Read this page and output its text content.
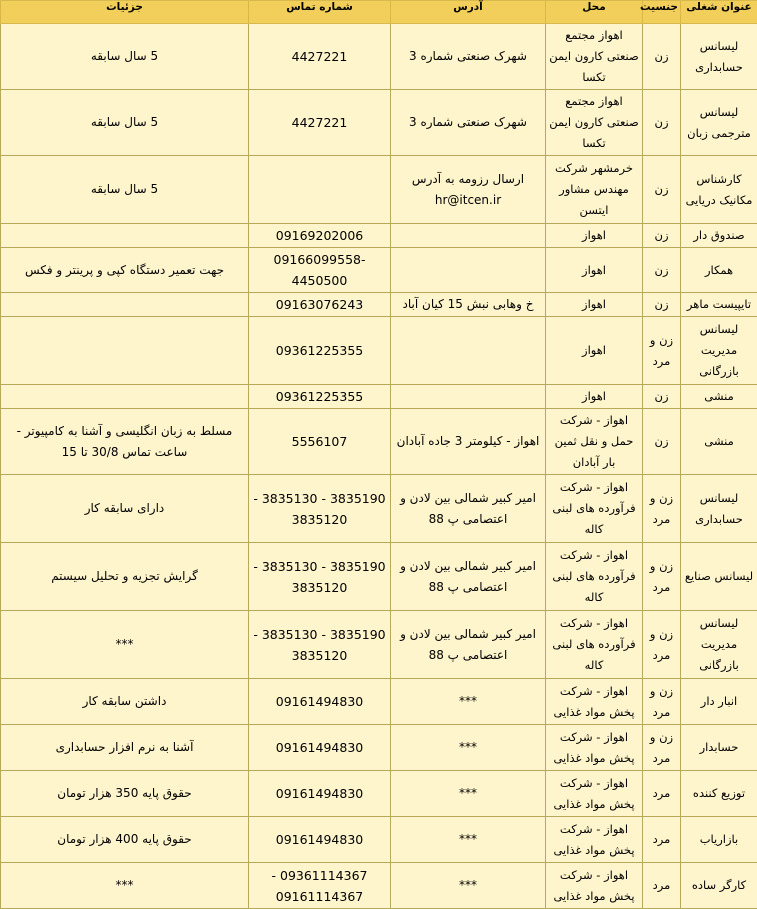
عنوان شغلی	جنسیت	محل	آدرس	شماره تماس	جزئیات
لیسانس حسابداری	زن	اهواز مجتمع صنعتی کارون ایمن تکسا	شهرک صنعتی شماره 3	4427221	5 سال سابقه
لیسانس مترجمی زبان	زن	اهواز مجتمع صنعتی کارون ایمن تکسا	شهرک صنعتی شماره 3	4427221	5 سال سابقه
کارشناس مکانیک دریایی	زن	خرمشهر شرکت مهندس مشاور ایتسن	ارسال رزومه به آدرس hr@itcen.ir		5 سال سابقه
صندوق دار	زن	اهواز		09169202006	
همکار	زن	اهواز		09166099558-4450500	جهت تعمیر دستگاه کپی و پرینتر و فکس
تایپیست ماهر	زن	اهواز	خ وهابی نبش 15 کیان آباد	09163076243	
لیسانس مدیریت بازرگانی	زن و مرد	اهواز		09361225355	
منشی	زن	اهواز		09361225355	
منشی	زن	اهواز - شرکت حمل و نقل ثمین بار آبادان	اهواز - کیلومتر 3 جاده آبادان	5556107	مسلط به زبان انگلیسی و آشنا به کامپیوتر - ساعت تماس 30/8 تا 15
لیسانس حسابداری	زن و مرد	اهواز - شرکت فرآورده های لبنی کاله	امیر کبیر شمالی بین لادن و اعتصامی پ 88	3835190 - 3835130 - 3835120	دارای سابقه کار
لیسانس صنایع	زن و مرد	اهواز - شرکت فرآورده های لبنی کاله	امیر کبیر شمالی بین لادن و اعتصامی پ 88	3835190 - 3835130 - 3835120	گرایش تجزیه و تحلیل سیستم
لیسانس مدیریت بازرگانی	زن و مرد	اهواز - شرکت فرآورده های لبنی کاله	امیر کبیر شمالی بین لادن و اعتصامی پ 88	3835190 - 3835130 - 3835120	***
انبار دار	زن و مرد	اهواز - شرکت پخش مواد غذایی	***	09161494830	داشتن سابقه کار
حسابدار	زن و مرد	اهواز - شرکت پخش مواد غذایی	***	09161494830	آشنا به نرم افزار حسابداری
توزیع کننده	مرد	اهواز - شرکت پخش مواد غذایی	***	09161494830	حقوق پایه 350 هزار تومان
بازاریاب	مرد	اهواز - شرکت پخش مواد غذایی	***	09161494830	حقوق پایه 400 هزار تومان
کارگر ساده	مرد	اهواز - شرکت پخش مواد غذایی	***	09361114367 - 09161114367	***
